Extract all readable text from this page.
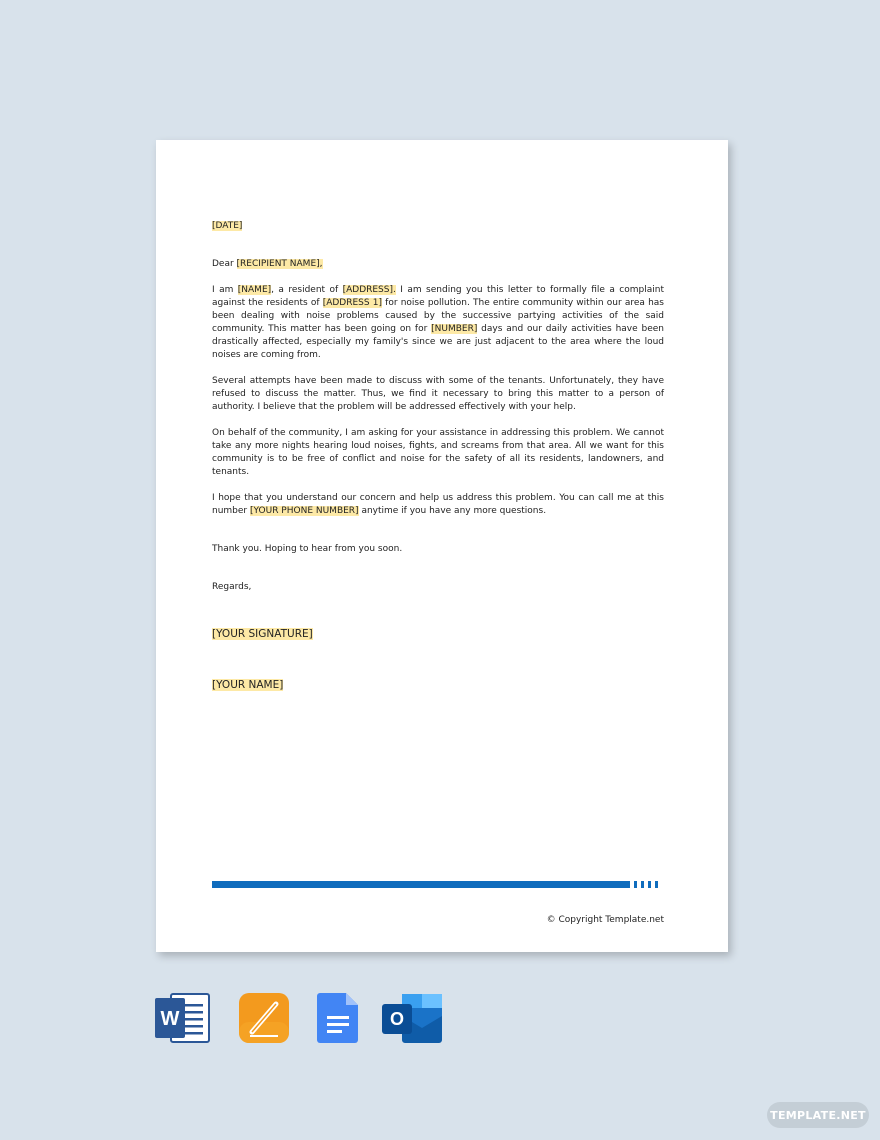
[DATE]

Dear [RECIPIENT NAME],

I am [NAME], a resident of [ADDRESS]. I am sending you this letter to formally file a complaint against the residents of [ADDRESS 1] for noise pollution. The entire community within our area has been dealing with noise problems caused by the successive partying activities of the said community. This matter has been going on for [NUMBER] days and our daily activities have been drastically affected, especially my family's since we are just adjacent to the area where the loud noises are coming from.

Several attempts have been made to discuss with some of the tenants. Unfortunately, they have refused to discuss the matter. Thus, we find it necessary to bring this matter to a person of authority. I believe that the problem will be addressed effectively with your help.

On behalf of the community, I am asking for your assistance in addressing this problem. We cannot take any more nights hearing loud noises, fights, and screams from that area. All we want for this community is to be free of conflict and noise for the safety of all its residents, landowners, and tenants.

I hope that you understand our concern and help us address this problem. You can call me at this number [YOUR PHONE NUMBER] anytime if you have any more questions.

Thank you. Hoping to hear from you soon.

Regards,

[YOUR SIGNATURE]

[YOUR NAME]

© Copyright Template.net
W	O
TEMPLATE.NET
